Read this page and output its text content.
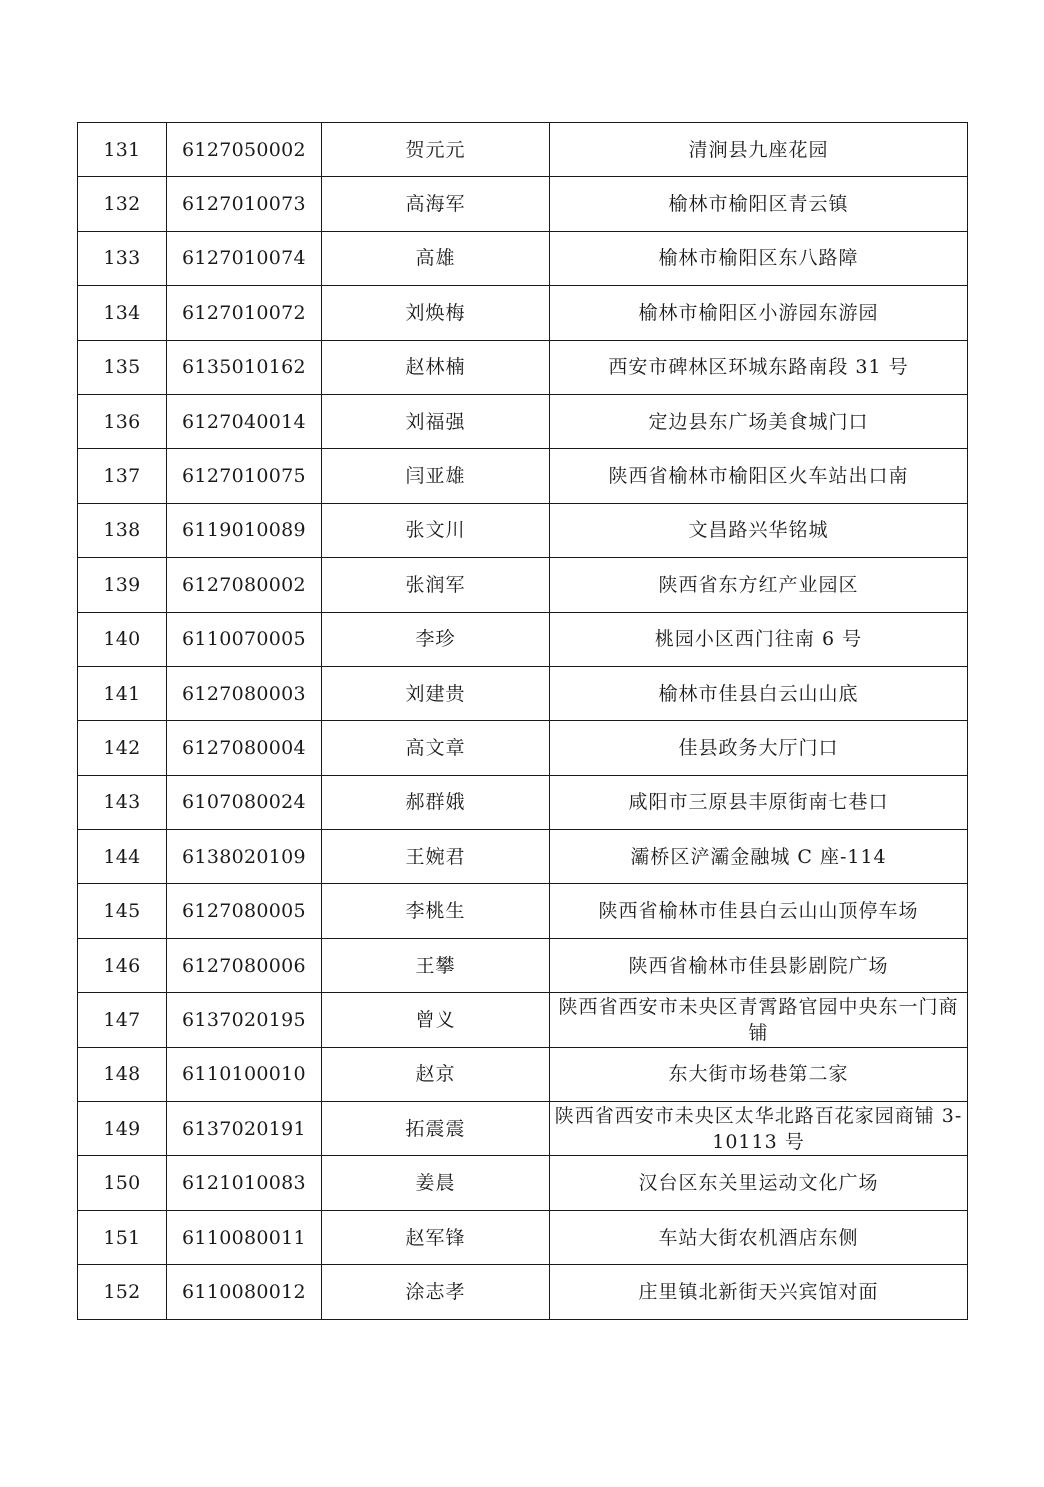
131	6127050002	贺元元	清涧县九座花园
132	6127010073	高海军	榆林市榆阳区青云镇
133	6127010074	高雄	榆林市榆阳区东八路障
134	6127010072	刘焕梅	榆林市榆阳区小游园东游园
135	6135010162	赵林楠	西安市碑林区环城东路南段 31 号
136	6127040014	刘福强	定边县东广场美食城门口
137	6127010075	闫亚雄	陕西省榆林市榆阳区火车站出口南
138	6119010089	张文川	文昌路兴华铭城
139	6127080002	张润军	陕西省东方红产业园区
140	6110070005	李珍	桃园小区西门往南 6 号
141	6127080003	刘建贵	榆林市佳县白云山山底
142	6127080004	高文章	佳县政务大厅门口
143	6107080024	郝群娥	咸阳市三原县丰原街南七巷口
144	6138020109	王婉君	灞桥区浐灞金融城 C 座-114
145	6127080005	李桃生	陕西省榆林市佳县白云山山顶停车场
146	6127080006	王攀	陕西省榆林市佳县影剧院广场
147	6137020195	曾义	陕西省西安市未央区青霄路官园中央东一门商铺
148	6110100010	赵京	东大街市场巷第二家
149	6137020191	拓震震	陕西省西安市未央区太华北路百花家园商铺 3-10113 号
150	6121010083	姜晨	汉台区东关里运动文化广场
151	6110080011	赵军锋	车站大街农机酒店东侧
152	6110080012	涂志孝	庄里镇北新街天兴宾馆对面
